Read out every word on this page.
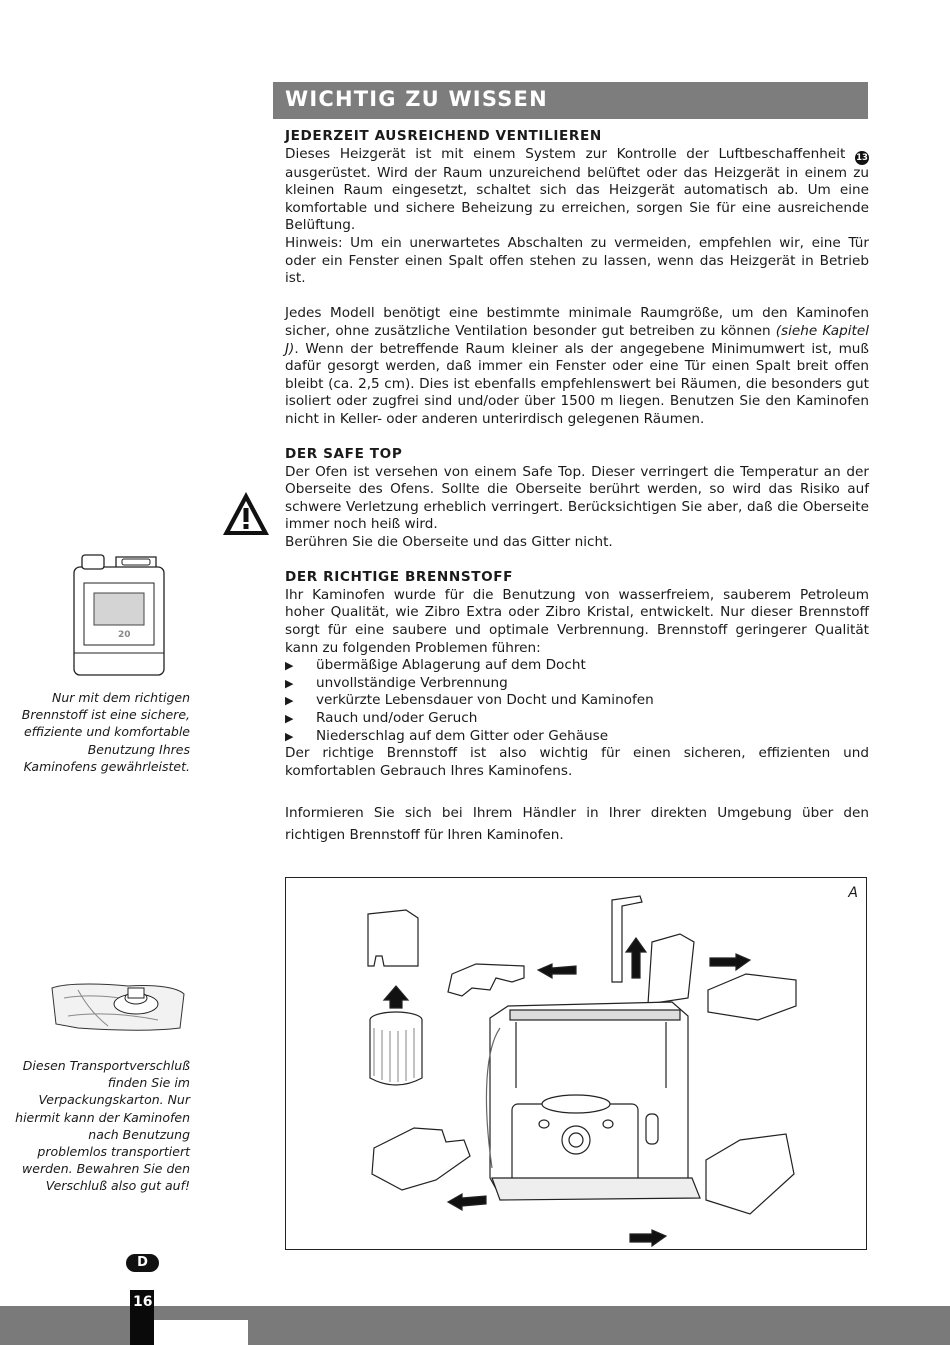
WICHTIG ZU WISSEN

JEDERZEIT AUSREICHEND VENTILIEREN

Dieses Heizgerät ist mit einem System zur Kontrolle der Luftbeschaffenheit 13 ausgerüstet. Wird der Raum unzureichend belüftet oder das Heizgerät in einem zu kleinen Raum eingesetzt, schaltet sich das Heizgerät automatisch ab. Um eine komfortable und sichere Beheizung zu erreichen, sorgen Sie für eine ausreichende Belüftung.

Hinweis: Um ein unerwartetes Abschalten zu vermeiden, empfehlen wir, eine Tür oder ein Fenster einen Spalt offen stehen zu lassen, wenn das Heizgerät in Betrieb ist.

Jedes Modell benötigt eine bestimmte minimale Raumgröße, um den Kaminofen sicher, ohne zusätzliche Ventilation besonder gut betreiben zu können (siehe Kapitel J). Wenn der betreffende Raum kleiner als der angegebene Minimumwert ist, muß dafür gesorgt werden, daß immer ein Fenster oder eine Tür einen Spalt breit offen bleibt (ca. 2,5 cm). Dies ist ebenfalls empfehlenswert bei Räumen, die besonders gut isoliert oder zugfrei sind und/oder über 1500 m liegen. Benutzen Sie den Kaminofen nicht in Keller- oder anderen unterirdisch gelegenen Räumen.

DER SAFE TOP

Der Ofen ist versehen von einem Safe Top. Dieser verringert die Temperatur an der Oberseite des Ofens. Sollte die Oberseite berührt werden, so wird das Risiko auf schwere Verletzung erheblich verringert. Berücksichtigen Sie aber, daß die Oberseite immer noch heiß wird.

Berühren Sie die Oberseite und das Gitter nicht.

DER RICHTIGE BRENNSTOFF

Ihr Kaminofen wurde für die Benutzung von wasserfreiem, sauberem Petroleum hoher Qualität, wie Zibro Extra oder Zibro Kristal, entwickelt. Nur dieser Brennstoff sorgt für eine saubere und optimale Verbrennung. Brennstoff geringerer Qualität kann zu folgenden Problemen führen:

▶ übermäßige Ablagerung auf dem Docht
▶ unvollständige Verbrennung
▶ verkürzte Lebensdauer von Docht und Kaminofen
▶ Rauch und/oder Geruch
▶ Niederschlag auf dem Gitter oder Gehäuse

Der richtige Brennstoff ist also wichtig für einen sicheren, effizienten und komfortablen Gebrauch Ihres Kaminofens.

Informieren Sie sich bei Ihrem Händler in Ihrer direkten Umgebung über den richtigen Brennstoff für Ihren Kaminofen.

20
Nur mit dem richtigen Brennstoff ist eine sichere, effiziente und komfortable Benutzung Ihres Kaminofens gewährleistet.
Diesen Transportverschluß finden Sie im Verpackungskarton. Nur hiermit kann der Kaminofen nach Benutzung problemlos transportiert werden. Bewahren Sie den Verschluß also gut auf!
A
D
16
